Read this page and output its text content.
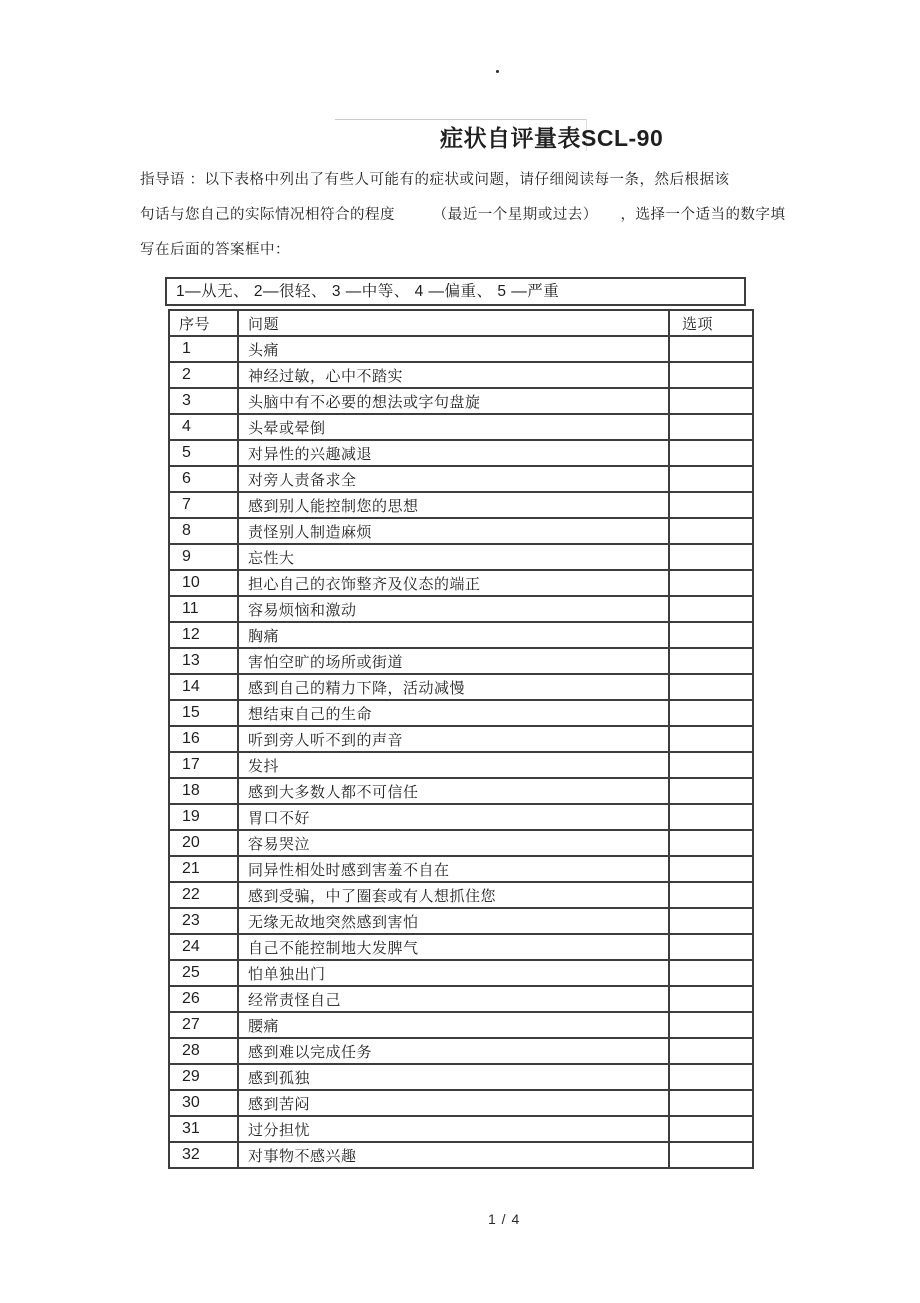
症状自评量表SCL-90
指导语 ：以下表格中列出了有些人可能有的症状或问题，请仔细阅读每一条，然后根据该
句话与您自己的实际情况相符合的程度　　　（最近一个星期或过去）　　，选择一个适当的数字填
写在后面的答案框中：
1—从无、 2—很轻、 3 —中等、 4 —偏重、 5 —严重
序号	问题	选项
1	头痛	
2	神经过敏，心中不踏实	
3	头脑中有不必要的想法或字句盘旋	
4	头晕或晕倒	
5	对异性的兴趣减退	
6	对旁人责备求全	
7	感到别人能控制您的思想	
8	责怪别人制造麻烦	
9	忘性大	
10	担心自己的衣饰整齐及仪态的端正	
11	容易烦恼和激动	
12	胸痛	
13	害怕空旷的场所或街道	
14	感到自己的精力下降，活动减慢	
15	想结束自己的生命	
16	听到旁人听不到的声音	
17	发抖	
18	感到大多数人都不可信任	
19	胃口不好	
20	容易哭泣	
21	同异性相处时感到害羞不自在	
22	感到受骗，中了圈套或有人想抓住您	
23	无缘无故地突然感到害怕	
24	自己不能控制地大发脾气	
25	怕单独出门	
26	经常责怪自己	
27	腰痛	
28	感到难以完成任务	
29	感到孤独	
30	感到苦闷	
31	过分担忧	
32	对事物不感兴趣	
1 / 4
